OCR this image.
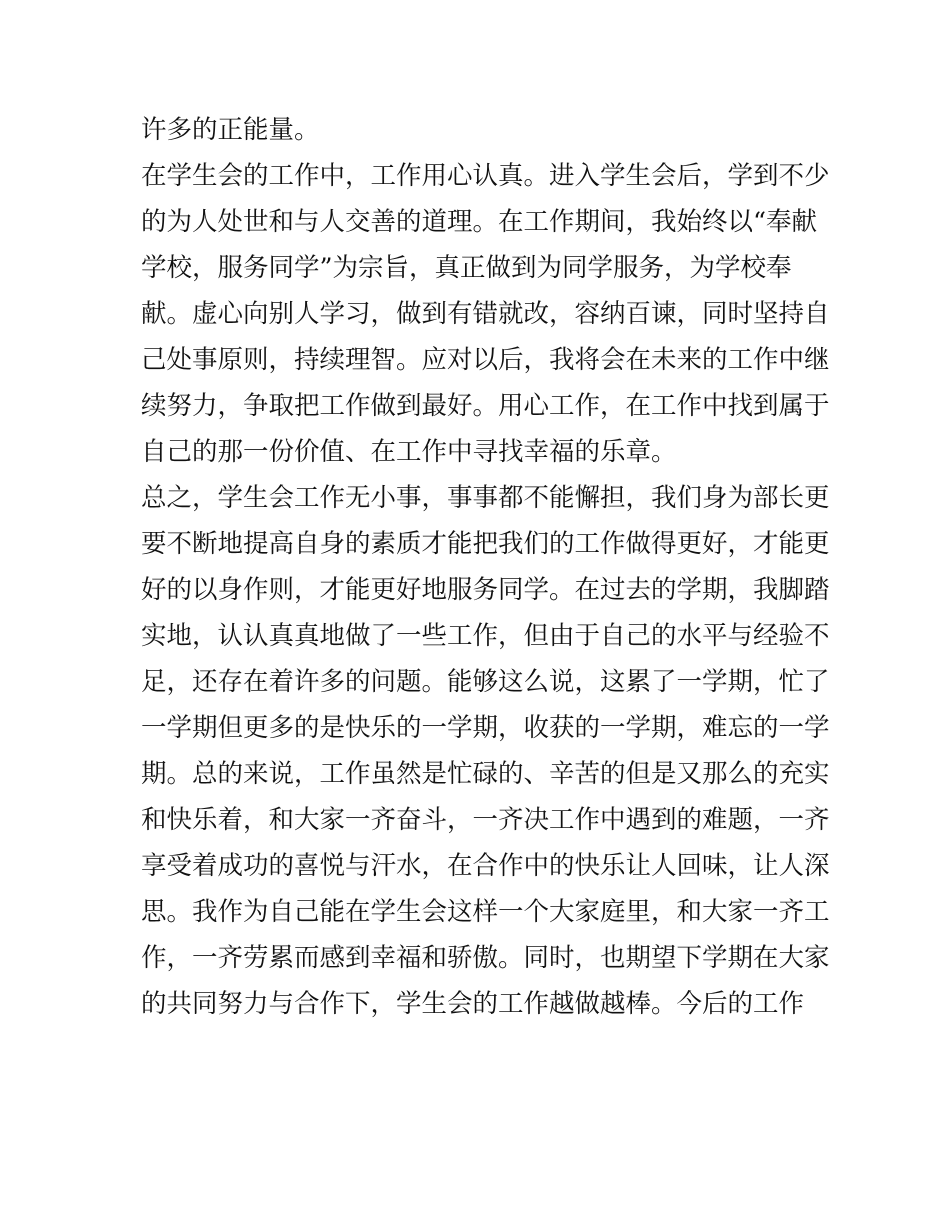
许多的正能量。
在学生会的工作中，工作用心认真。进入学生会后，学到不少
的为人处世和与人交善的道理。在工作期间，我始终以“奉献
学校，服务同学”为宗旨，真正做到为同学服务，为学校奉
献。虚心向别人学习，做到有错就改，容纳百谏，同时坚持自
己处事原则，持续理智。应对以后，我将会在未来的工作中继
续努力，争取把工作做到最好。用心工作，在工作中找到属于
自己的那一份价值、在工作中寻找幸福的乐章。
总之，学生会工作无小事，事事都不能懈担，我们身为部长更
要不断地提高自身的素质才能把我们的工作做得更好，才能更
好的以身作则，才能更好地服务同学。在过去的学期，我脚踏
实地，认认真真地做了一些工作，但由于自己的水平与经验不
足，还存在着许多的问题。能够这么说，这累了一学期，忙了
一学期但更多的是快乐的一学期，收获的一学期，难忘的一学
期。总的来说，工作虽然是忙碌的、辛苦的但是又那么的充实
和快乐着，和大家一齐奋斗，一齐决工作中遇到的难题，一齐
享受着成功的喜悦与汗水，在合作中的快乐让人回味，让人深
思。我作为自己能在学生会这样一个大家庭里，和大家一齐工
作，一齐劳累而感到幸福和骄傲。同时，也期望下学期在大家
的共同努力与合作下，学生会的工作越做越棒。今后的工作
